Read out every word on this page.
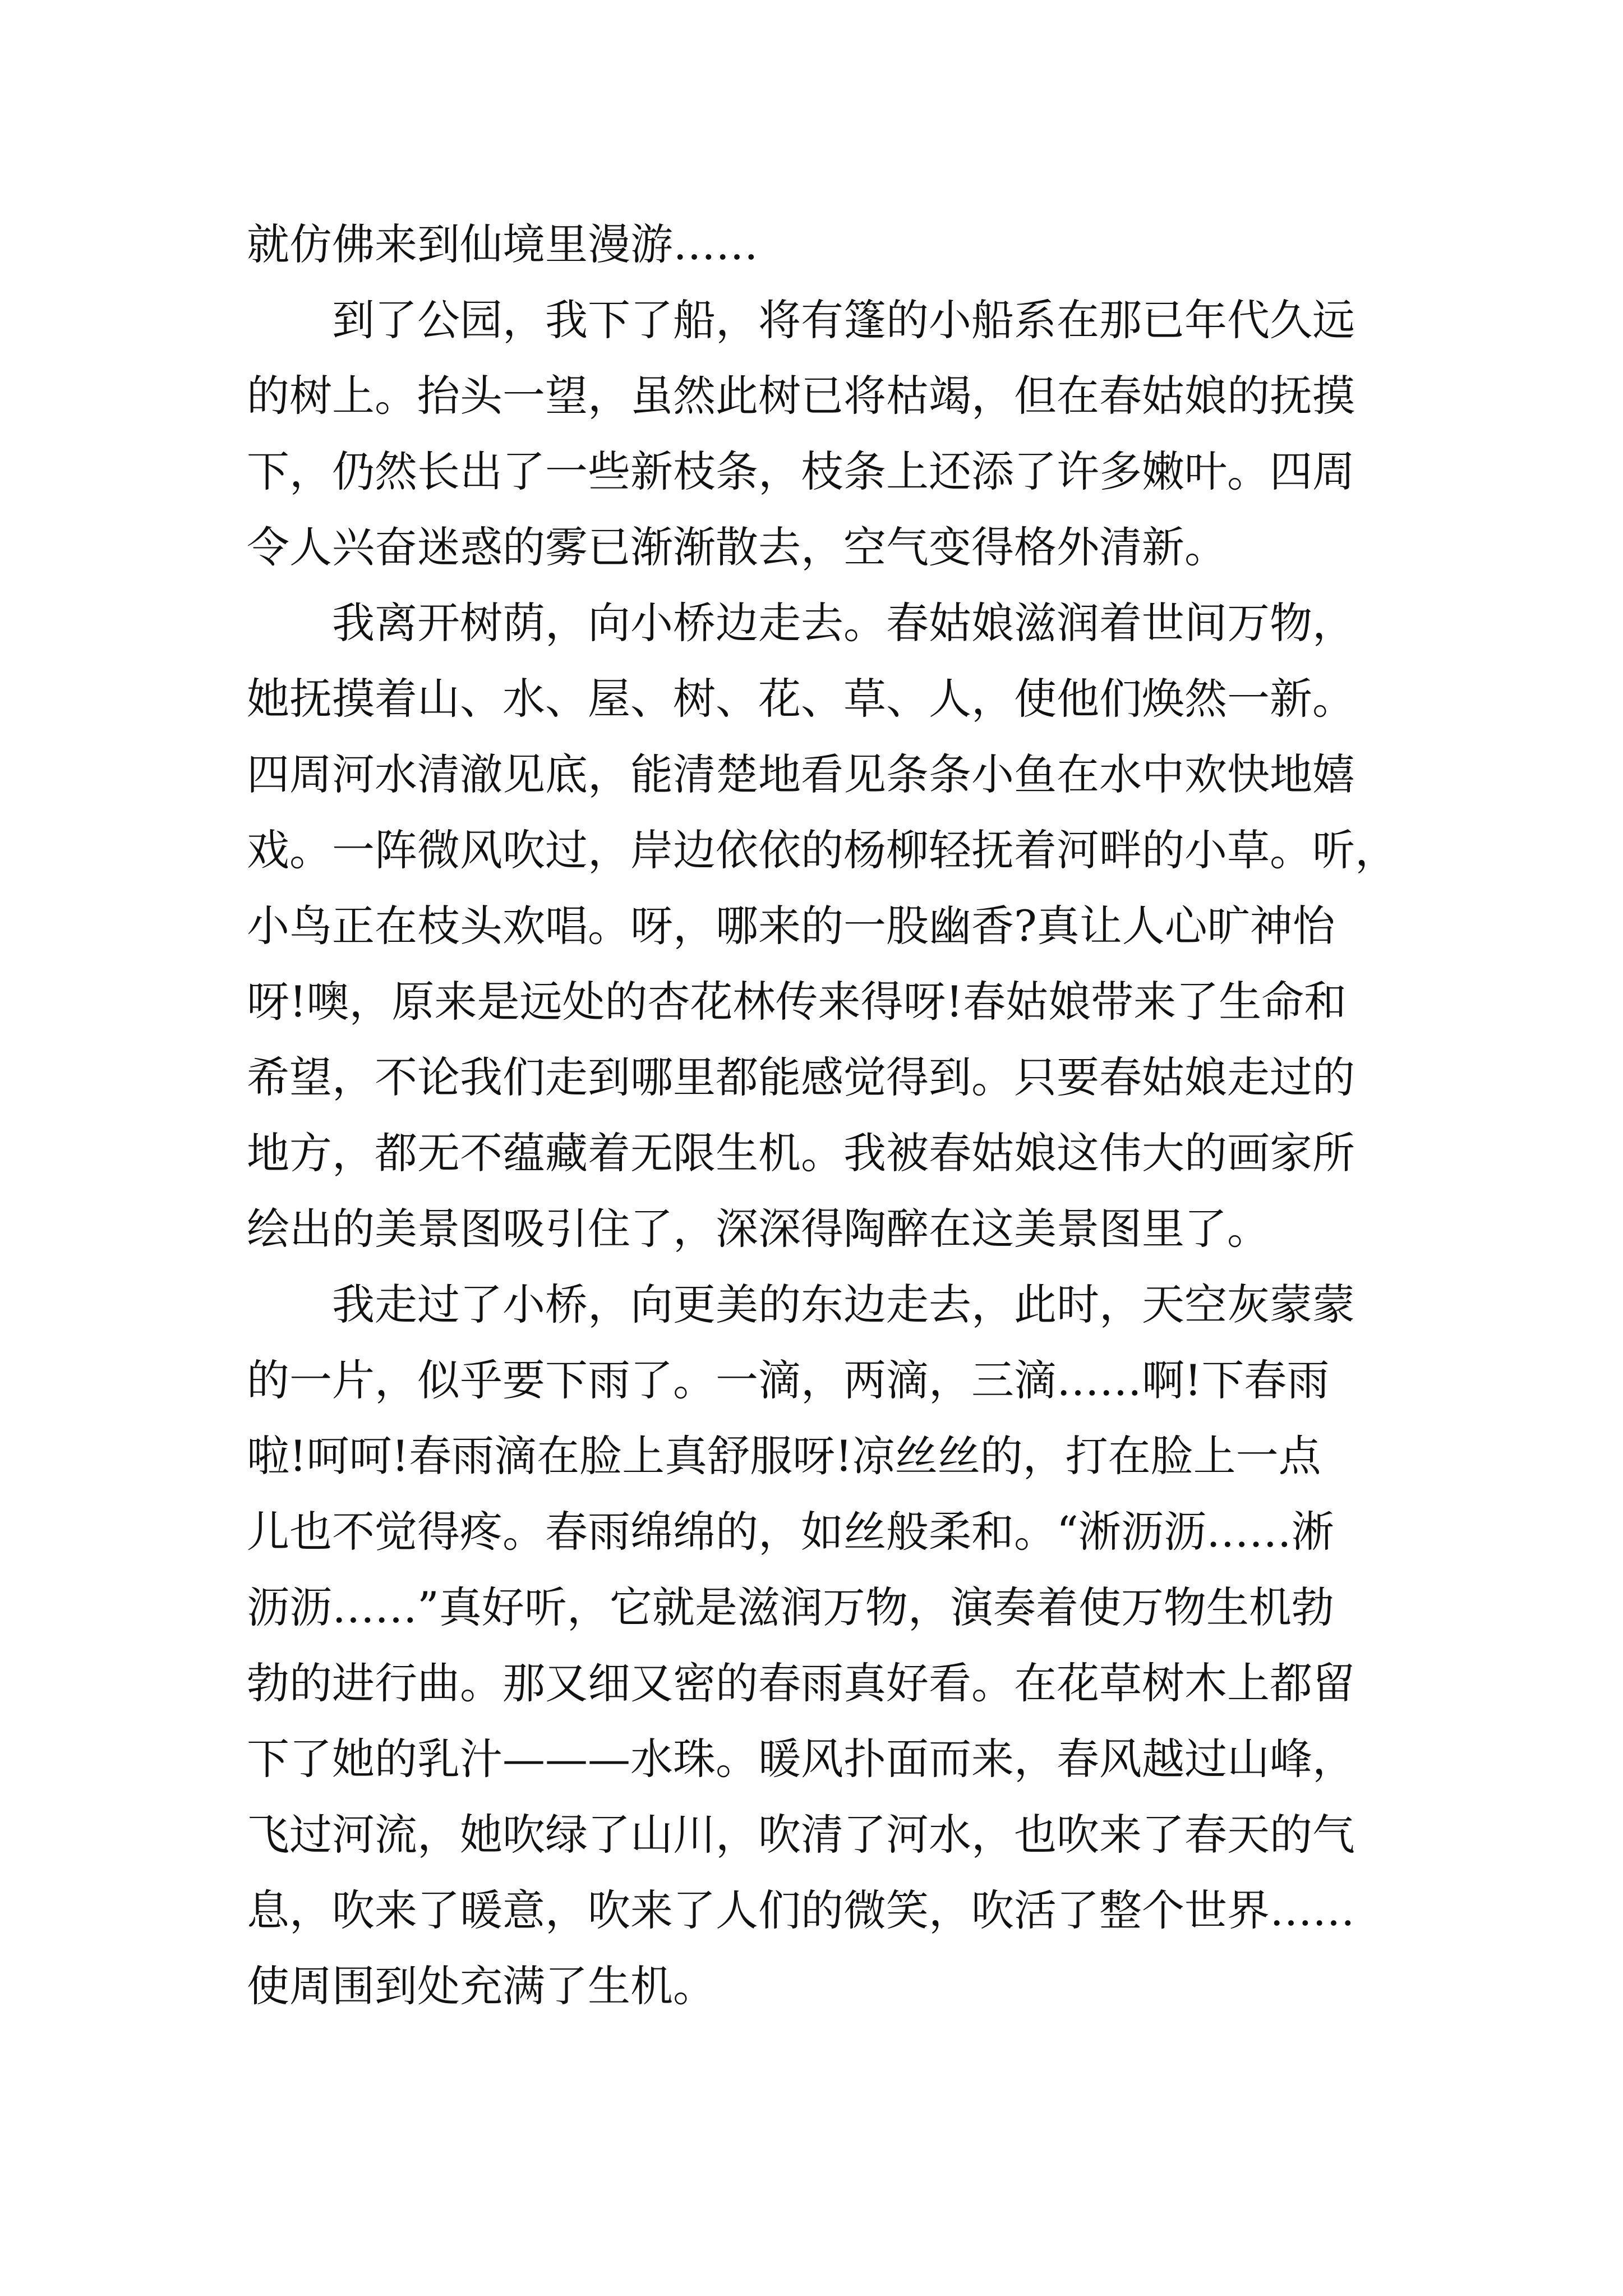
就仿佛来到仙境里漫游……
到了公园，我下了船，将有篷的小船系在那已年代久远
的树上。抬头一望，虽然此树已将枯竭，但在春姑娘的抚摸
下，仍然长出了一些新枝条，枝条上还添了许多嫩叶。四周
令人兴奋迷惑的雾已渐渐散去，空气变得格外清新。
我离开树荫，向小桥边走去。春姑娘滋润着世间万物，
她抚摸着山、水、屋、树、花、草、人，使他们焕然一新。
四周河水清澈见底，能清楚地看见条条小鱼在水中欢快地嬉
戏。一阵微风吹过，岸边依依的杨柳轻抚着河畔的小草。听，
小鸟正在枝头欢唱。呀，哪来的一股幽香?真让人心旷神怡
呀!噢，原来是远处的杏花林传来得呀!春姑娘带来了生命和
希望，不论我们走到哪里都能感觉得到。只要春姑娘走过的
地方，都无不蕴藏着无限生机。我被春姑娘这伟大的画家所
绘出的美景图吸引住了，深深得陶醉在这美景图里了。
我走过了小桥，向更美的东边走去，此时，天空灰蒙蒙
的一片，似乎要下雨了。一滴，两滴，三滴……啊!下春雨
啦!呵呵!春雨滴在脸上真舒服呀!凉丝丝的，打在脸上一点
儿也不觉得疼。春雨绵绵的，如丝般柔和。“淅沥沥……淅
沥沥……”真好听，它就是滋润万物，演奏着使万物生机勃
勃的进行曲。那又细又密的春雨真好看。在花草树木上都留
下了她的乳汁———水珠。暖风扑面而来，春风越过山峰，
飞过河流，她吹绿了山川，吹清了河水，也吹来了春天的气
息，吹来了暖意，吹来了人们的微笑，吹活了整个世界……
使周围到处充满了生机。
